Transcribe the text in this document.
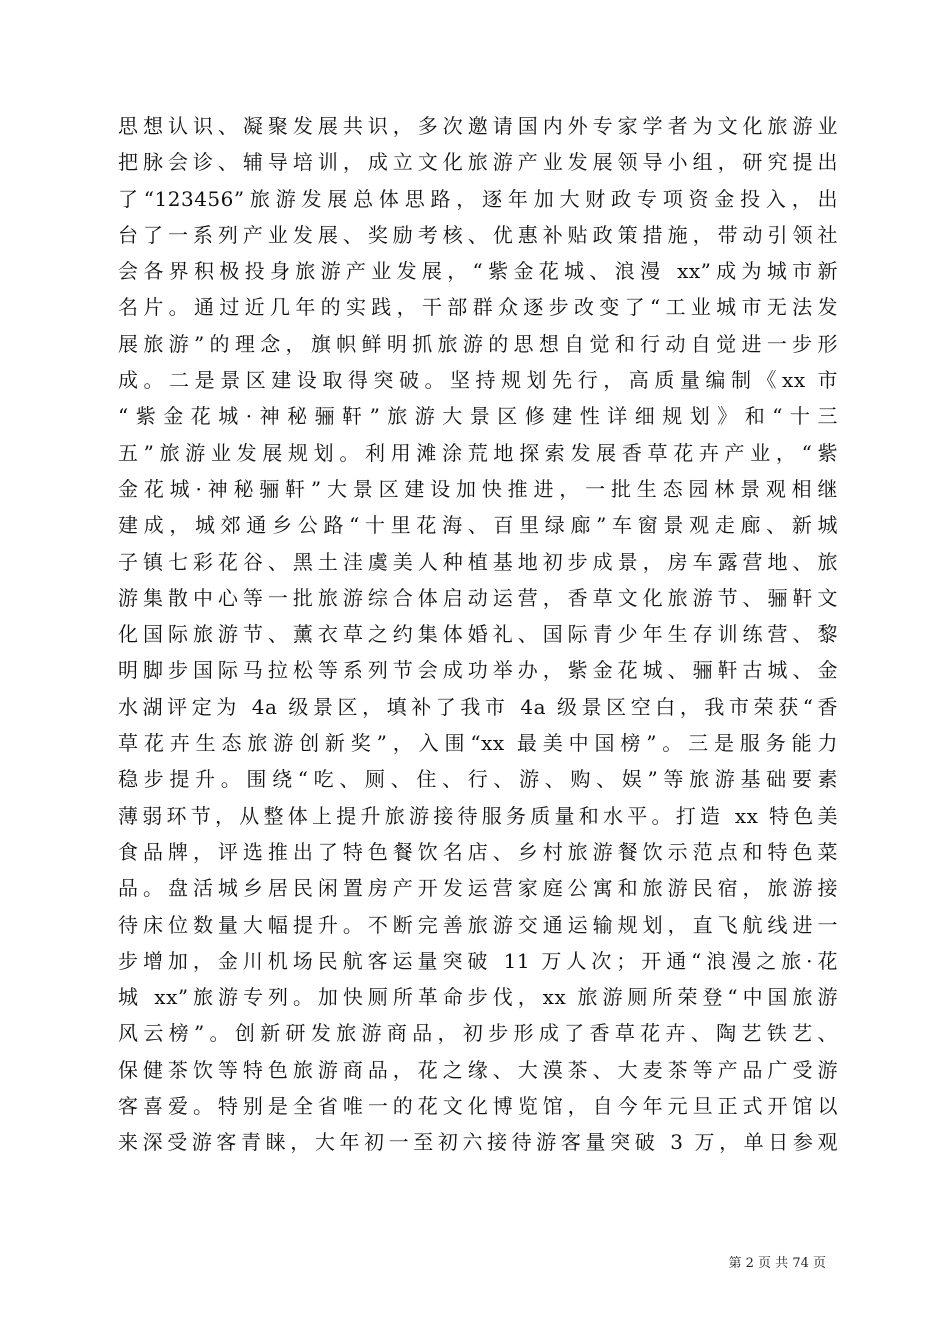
思想认识、凝聚发展共识，多次邀请国内外专家学者为文化旅游业
把脉会诊、辅导培训，成立文化旅游产业发展领导小组，研究提出
了“123456”旅游发展总体思路，逐年加大财政专项资金投入，出
台了一系列产业发展、奖励考核、优惠补贴政策措施，带动引领社
会各界积极投身旅游产业发展，“紫金花城、浪漫 xx”成为城市新
名片。通过近几年的实践，干部群众逐步改变了“工业城市无法发
展旅游”的理念，旗帜鲜明抓旅游的思想自觉和行动自觉进一步形
成。二是景区建设取得突破。坚持规划先行，高质量编制《xx 市
“紫金花城·神秘骊靬”旅游大景区修建性详细规划》和“十三
五”旅游业发展规划。利用滩涂荒地探索发展香草花卉产业，“紫
金花城·神秘骊靬”大景区建设加快推进，一批生态园林景观相继
建成，城郊通乡公路“十里花海、百里绿廊”车窗景观走廊、新城
子镇七彩花谷、黑土洼虞美人种植基地初步成景，房车露营地、旅
游集散中心等一批旅游综合体启动运营，香草文化旅游节、骊靬文
化国际旅游节、薰衣草之约集体婚礼、国际青少年生存训练营、黎
明脚步国际马拉松等系列节会成功举办，紫金花城、骊靬古城、金
水湖评定为 4a 级景区，填补了我市 4a 级景区空白，我市荣获“香
草花卉生态旅游创新奖”，入围“xx 最美中国榜”。三是服务能力
稳步提升。围绕“吃、厕、住、行、游、购、娱”等旅游基础要素
薄弱环节，从整体上提升旅游接待服务质量和水平。打造 xx 特色美
食品牌，评选推出了特色餐饮名店、乡村旅游餐饮示范点和特色菜
品。盘活城乡居民闲置房产开发运营家庭公寓和旅游民宿，旅游接
待床位数量大幅提升。不断完善旅游交通运输规划，直飞航线进一
步增加，金川机场民航客运量突破 11 万人次；开通“浪漫之旅·花
城 xx”旅游专列。加快厕所革命步伐，xx 旅游厕所荣登“中国旅游
风云榜”。创新研发旅游商品，初步形成了香草花卉、陶艺铁艺、
保健茶饮等特色旅游商品，花之缘、大漠茶、大麦茶等产品广受游
客喜爱。特别是全省唯一的花文化博览馆，自今年元旦正式开馆以
来深受游客青睐，大年初一至初六接待游客量突破 3 万，单日参观
第 2 页 共 74 页
